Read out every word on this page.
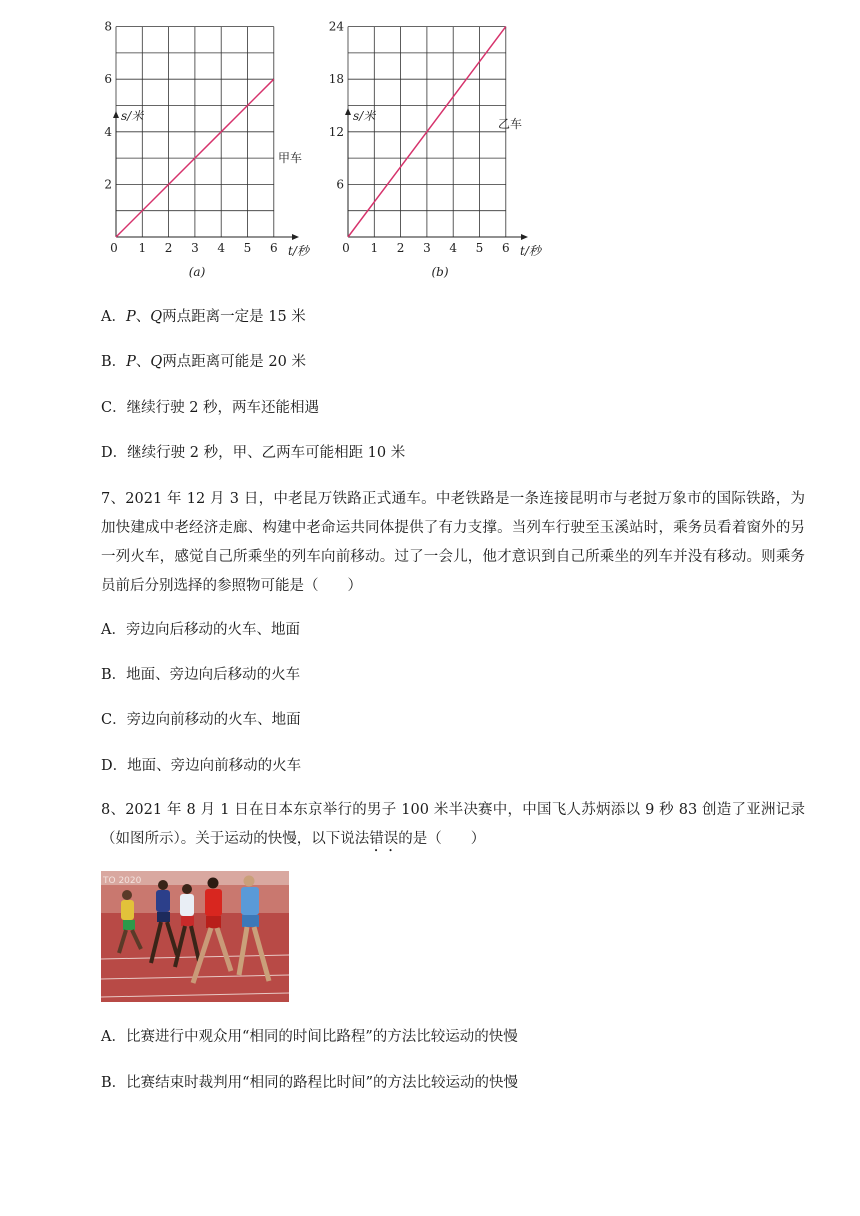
2
4
6
8
0 1 2 3 4 5 6
s/米
t/秒
甲车
(a)
6
12
18
24
0 1 2 3 4 5 6
s/米
t/秒
乙车
(b)
A．P、Q两点距离一定是 15 米
B．P、Q两点距离可能是 20 米
C．继续行驶 2 秒，两车还能相遇
D．继续行驶 2 秒，甲、乙两车可能相距 10 米
7、2021 年 12 月 3 日，中老昆万铁路正式通车。中老铁路是一条连接昆明市与老挝万象市的国际铁路，为加快建成中老经济走廊、构建中老命运共同体提供了有力支撑。当列车行驶至玉溪站时，乘务员看着窗外的另一列火车，感觉自己所乘坐的列车向前移动。过了一会儿，他才意识到自己所乘坐的列车并没有移动。则乘务员前后分别选择的参照物可能是（　　）
A．旁边向后移动的火车、地面
B．地面、旁边向后移动的火车
C．旁边向前移动的火车、地面
D．地面、旁边向前移动的火车
8、2021 年 8 月 1 日在日本东京举行的男子 100 米半决赛中，中国飞人苏炳添以 9 秒 83 创造了亚洲记录（如图所示）。关于运动的快慢，以下说法错误的是（　　）
TO 2020
A．比赛进行中观众用“相同的时间比路程”的方法比较运动的快慢
B．比赛结束时裁判用“相同的路程比时间”的方法比较运动的快慢
